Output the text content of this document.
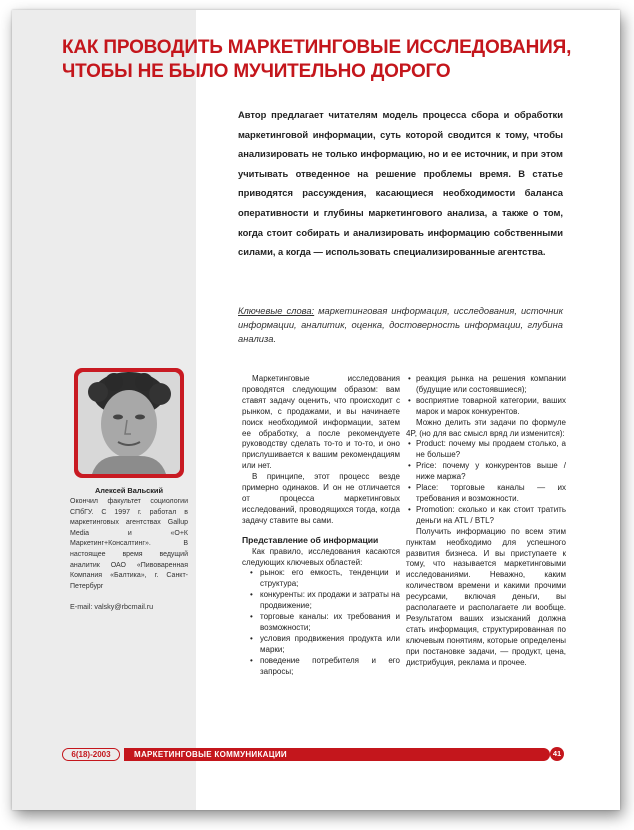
КАК ПРОВОДИТЬ МАРКЕТИНГОВЫЕ ИССЛЕДОВАНИЯ,
ЧТОБЫ НЕ БЫЛО МУЧИТЕЛЬНО ДОРОГО
Автор предлагает читателям модель процесса сбора и обработки маркетинговой информации, суть которой сводится к тому, чтобы анализировать не только информацию, но и ее источник, и при этом учитывать отведенное на решение проблемы время. В статье приводятся рассуждения, касающиеся необходимости баланса оперативности и глубины маркетингового анализа, а также о том, когда стоит собирать и анализировать информацию собственными силами, а когда — использовать специализированные агентства.
Ключевые слова: маркетинговая информация, исследования, источник информации, аналитик, оценка, достоверность информации, глубина анализа.
Алексей Вальский
Окончил факультет социологии СПбГУ. С 1997 г. работал в маркетинговых агентствах Gallup Media и «О+К Маркетинг+Консалтинг». В настоящее время ведущий аналитик ОАО «Пивоваренная Компания «Балтика», г. Санкт-Петербург
E-mail: valsky@rbcmail.ru

Маркетинговые исследования проводятся следующим образом: вам ставят задачу оценить, что происходит с рынком, с продажами, и вы начинаете поиск необходимой информации, затем ее обработку, а после рекомендуете руководству сделать то-то и то-то, и оно прислушивается к вашим рекомендациям или нет.

В принципе, этот процесс везде примерно одинаков. И он не отличается от процесса маркетинговых исследований, проводящихся тогда, когда задачу ставите вы сами.

Представление об информации

Как правило, исследования касаются следующих ключевых областей:

• рынок: его емкость, тенденции и структура;
• конкуренты: их продажи и затраты на продвижение;
• торговые каналы: их требования и возможности;
• условия продвижения продукта или марки;
• поведение потребителя и его запросы;
• реакция рынка на решения компании (будущие или состоявшиеся);
• восприятие товарной категории, ваших марок и марок конкурентов.

Можно делить эти задачи по формуле 4P, (но для вас смысл вряд ли изменится):

• Product: почему мы продаем столько, а не больше?
• Price: почему у конкурентов выше / ниже маржа?
• Place: торговые каналы — их требования и возможности.
• Promotion: сколько и как стоит тратить деньги на ATL / BTL?

Получить информацию по всем этим пунктам необходимо для успешного развития бизнеса. И вы приступаете к тому, что называется маркетинговыми исследованиями. Неважно, каким количеством времени и какими прочими ресурсами, включая деньги, вы располагаете и располагаете ли вообще. Результатом ваших изысканий должна стать информация, структурированная по ключевым понятиям, которые определены при постановке задачи, — продукт, цена, дистрибуция, реклама и прочее.

6(18)-2003	МАРКЕТИНГОВЫЕ КОММУНИКАЦИИ	41
